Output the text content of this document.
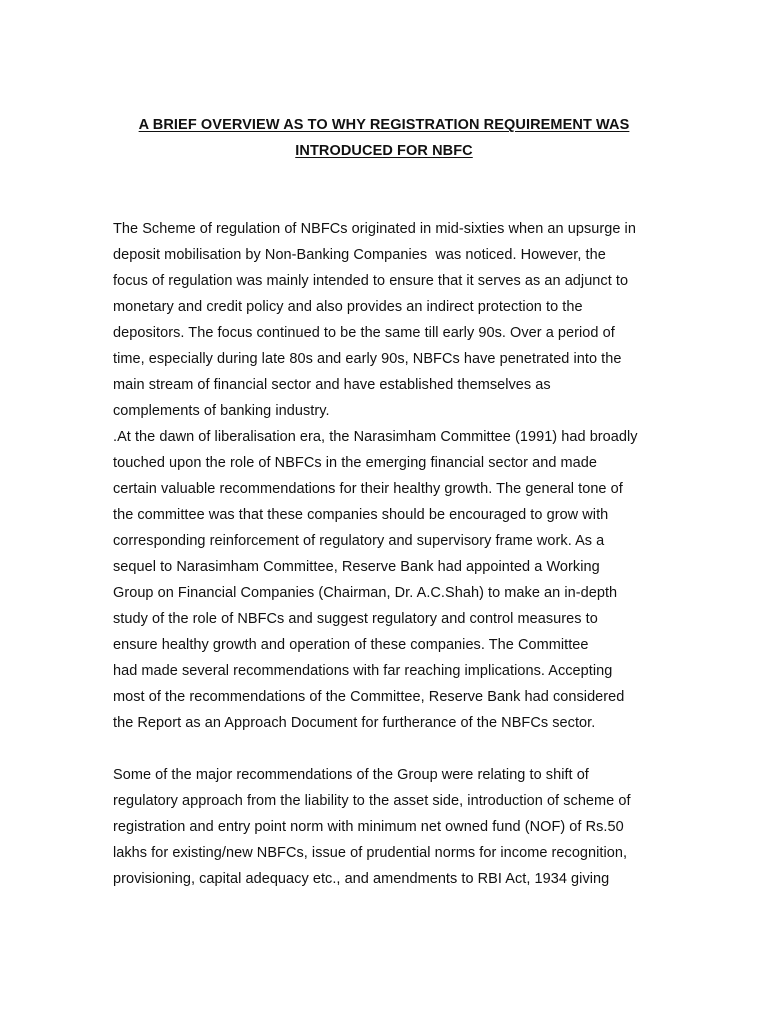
A BRIEF OVERVIEW AS TO WHY REGISTRATION REQUIREMENT WAS
INTRODUCED FOR NBFC
The Scheme of regulation of NBFCs originated in mid-sixties when an upsurge in
deposit mobilisation by Non-Banking Companies  was noticed. However, the
focus of regulation was mainly intended to ensure that it serves as an adjunct to
monetary and credit policy and also provides an indirect protection to the
depositors. The focus continued to be the same till early 90s. Over a period of
time, especially during late 80s and early 90s, NBFCs have penetrated into the
main stream of financial sector and have established themselves as
complements of banking industry.
.At the dawn of liberalisation era, the Narasimham Committee (1991) had broadly
touched upon the role of NBFCs in the emerging financial sector and made
certain valuable recommendations for their healthy growth. The general tone of
the committee was that these companies should be encouraged to grow with
corresponding reinforcement of regulatory and supervisory frame work. As a
sequel to Narasimham Committee, Reserve Bank had appointed a Working
Group on Financial Companies (Chairman, Dr. A.C.Shah) to make an in-depth
study of the role of NBFCs and suggest regulatory and control measures to
ensure healthy growth and operation of these companies. The Committee
had made several recommendations with far reaching implications. Accepting
most of the recommendations of the Committee, Reserve Bank had considered
the Report as an Approach Document for furtherance of the NBFCs sector.
Some of the major recommendations of the Group were relating to shift of
regulatory approach from the liability to the asset side, introduction of scheme of
registration and entry point norm with minimum net owned fund (NOF) of Rs.50
lakhs for existing/new NBFCs, issue of prudential norms for income recognition,
provisioning, capital adequacy etc., and amendments to RBI Act, 1934 giving
